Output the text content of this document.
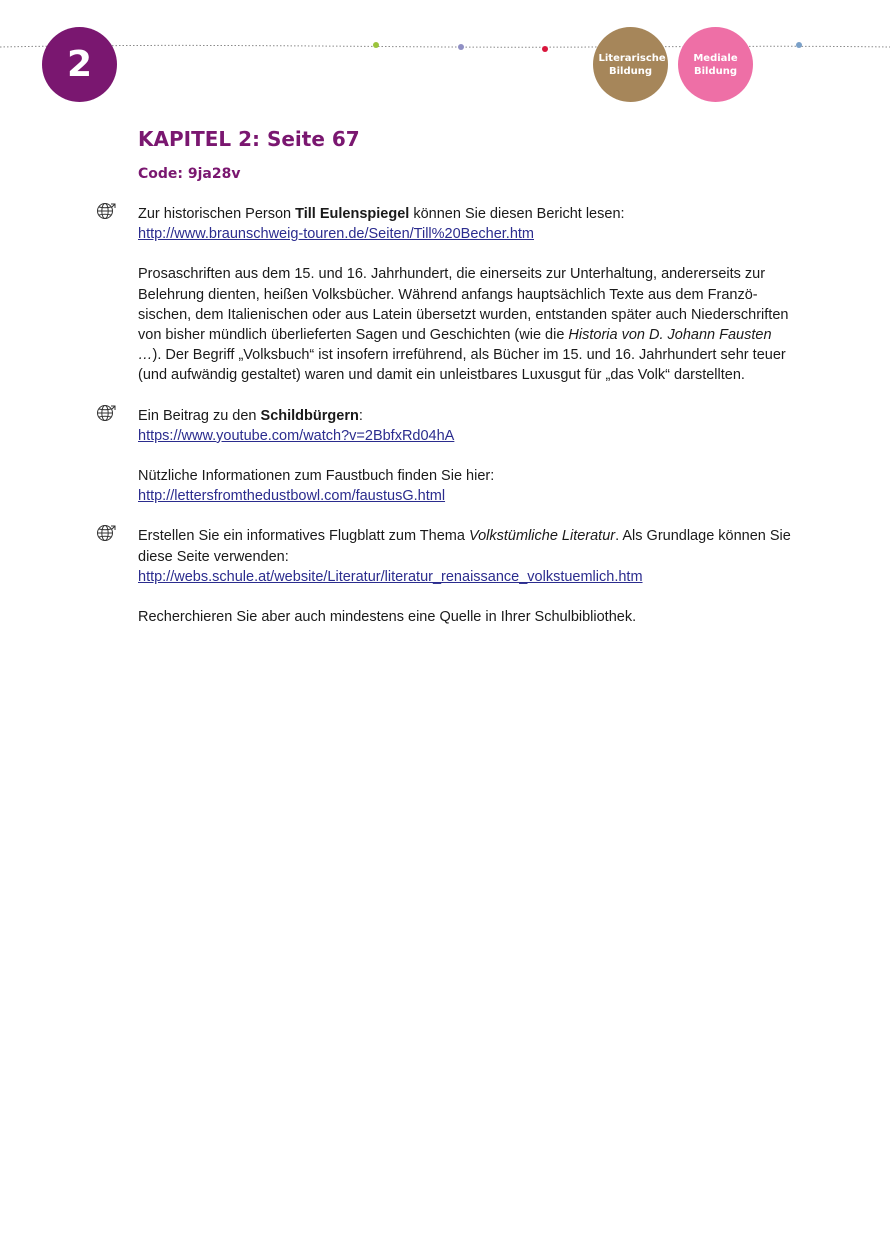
2	Literarische Bildung
Mediale Bildung
KAPITEL 2: Seite 67
Code: 9ja28v

Zur historischen Person Till Eulenspiegel können Sie diesen Bericht lesen:

http://www.braunschweig-touren.de/Seiten/Till%20Becher.htm

Prosaschriften aus dem 15. und 16. Jahrhundert, die einerseits zur Unterhaltung, andererseits zur Belehrung dienten, heißen Volksbücher. Während anfangs hauptsächlich Texte aus dem Franzö-sischen, dem Italienischen oder aus Latein übersetzt wurden, entstanden später auch Niederschriften von bisher mündlich überlieferten Sagen und Geschichten (wie die Historia von D. Johann Fausten …). Der Begriff „Volksbuch“ ist insofern irreführend, als Bücher im 15. und 16. Jahrhundert sehr teuer (und aufwändig gestaltet) waren und damit ein unleistbares Luxusgut für „das Volk“ darstellten.

Ein Beitrag zu den Schildbürgern:

https://www.youtube.com/watch?v=2BbfxRd04hA

Nützliche Informationen zum Faustbuch finden Sie hier:

http://lettersfromthedustbowl.com/faustusG.html

Erstellen Sie ein informatives Flugblatt zum Thema Volkstümliche Literatur. Als Grundlage können Sie diese Seite verwenden:

http://webs.schule.at/website/Literatur/literatur_renaissance_volkstuemlich.htm

Recherchieren Sie aber auch mindestens eine Quelle in Ihrer Schulbibliothek.
